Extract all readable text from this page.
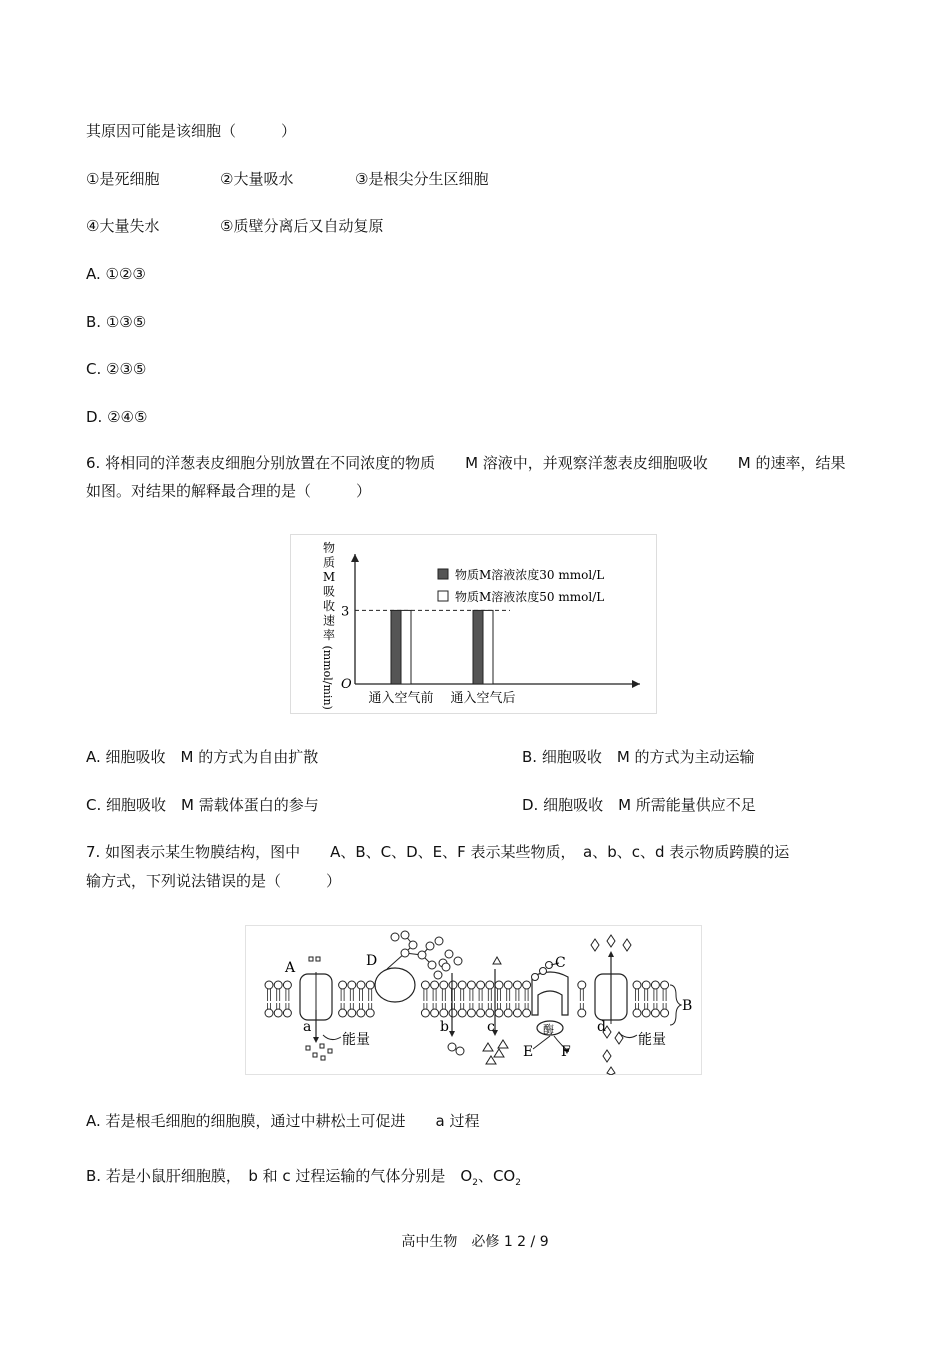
其原因可能是该细胞（　　　）
①是死细胞	②大量吸水	③是根尖分生区细胞
④大量失水	⑤质壁分离后又自动复原
A. ①②③
B. ①③⑤
C. ②③⑤
D. ②④⑤
6. 将相同的洋葱表皮细胞分别放置在不同浓度的物质　　M 溶液中，并观察洋葱表皮细胞吸收　　M 的速率，结果
如图。对结果的解释最合理的是（　　　）
物
质
M
吸
收
速
率
(mmol/min) O
3
通入空气前 通入空气后
物质M溶液浓度30 mmol/L
物质M溶液浓度50 mmol/L
A. 细胞吸收　M 的方式为自由扩散	B. 细胞吸收　M 的方式为主动运输
C. 细胞吸收　M 需载体蛋白的参与	D. 细胞吸收　M 所需能量供应不足
7. 如图表示某生物膜结构，图中　　A、B、C、D、E、F 表示某些物质，　a、b、c、d 表示物质跨膜的运
输方式，下列说法错误的是（　　　）
A	D	C
B
E F
a	b	c	d
酶
能量	能量
A. 若是根毛细胞的细胞膜，通过中耕松土可促进　　a 过程
B. 若是小鼠肝细胞膜，　b 和 c 过程运输的气体分别是　$O_2$、$CO_2$
高中生物　必修 1 2 / 9
